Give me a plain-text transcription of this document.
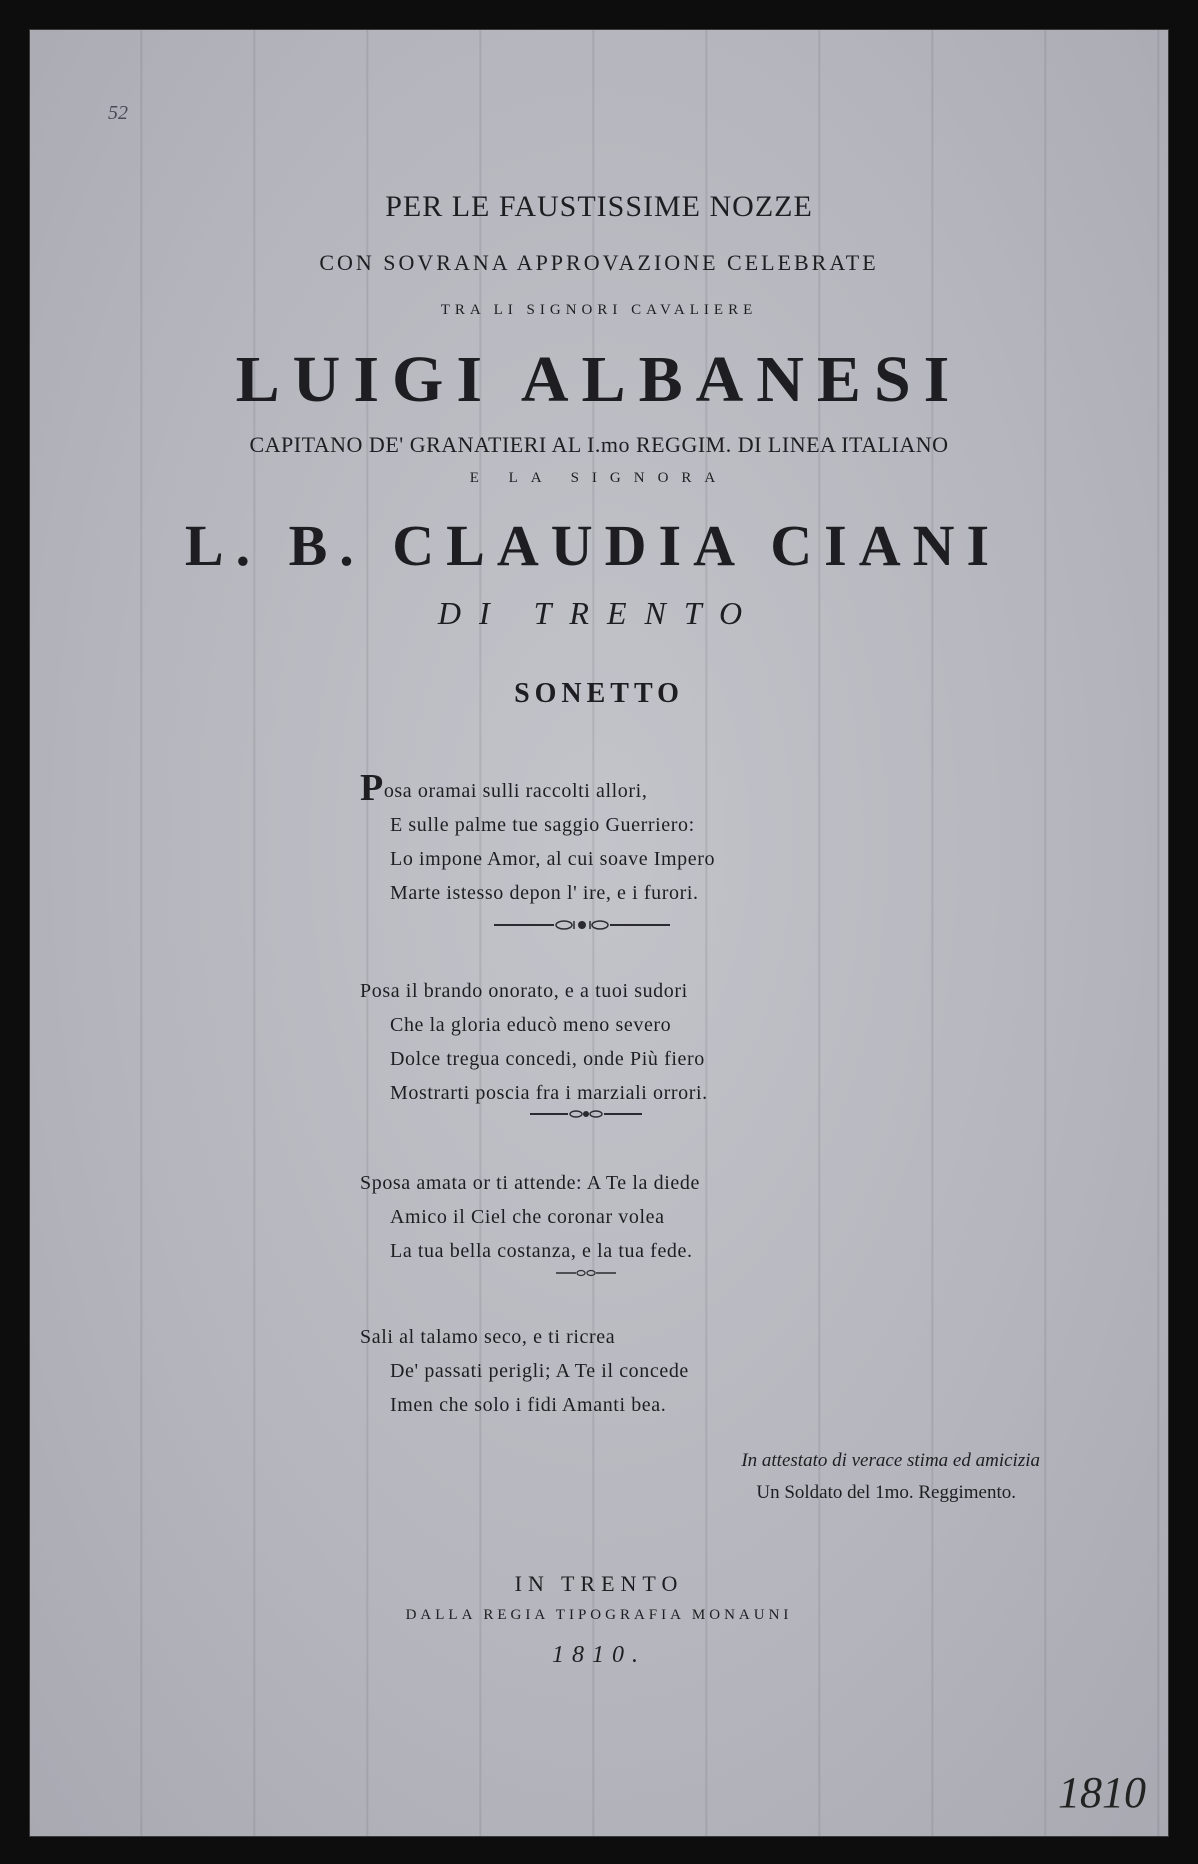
52
PER LE FAUSTISSIME NOZZE
CON SOVRANA APPROVAZIONE CELEBRATE
TRA LI SIGNORI CAVALIERE
LUIGI ALBANESI
CAPITANO DE' GRANATIERI AL I.mo REGGIM. DI LINEA ITALIANO
E LA SIGNORA
L. B. CLAUDIA CIANI
DI TRENTO
SONETTO
Posa oramai sulli raccolti allori,
E sulle palme tue saggio Guerriero:
Lo impone Amor, al cui soave Impero
Marte istesso depon l' ire, e i furori.
Posa il brando onorato, e a tuoi sudori
Che la gloria educò meno severo
Dolce tregua concedi, onde Più fiero
Mostrarti poscia fra i marziali orrori.
Sposa amata or ti attende: A Te la diede
Amico il Ciel che coronar volea
La tua bella costanza, e la tua fede.
Sali al talamo seco, e ti ricrea
De' passati perigli; A Te il concede
Imen che solo i fidi Amanti bea.
In attestato di verace stima ed amicizia
Un Soldato del 1mo. Reggimento.
IN TRENTO
DALLA REGIA TIPOGRAFIA MONAUNI
1810.
1810
